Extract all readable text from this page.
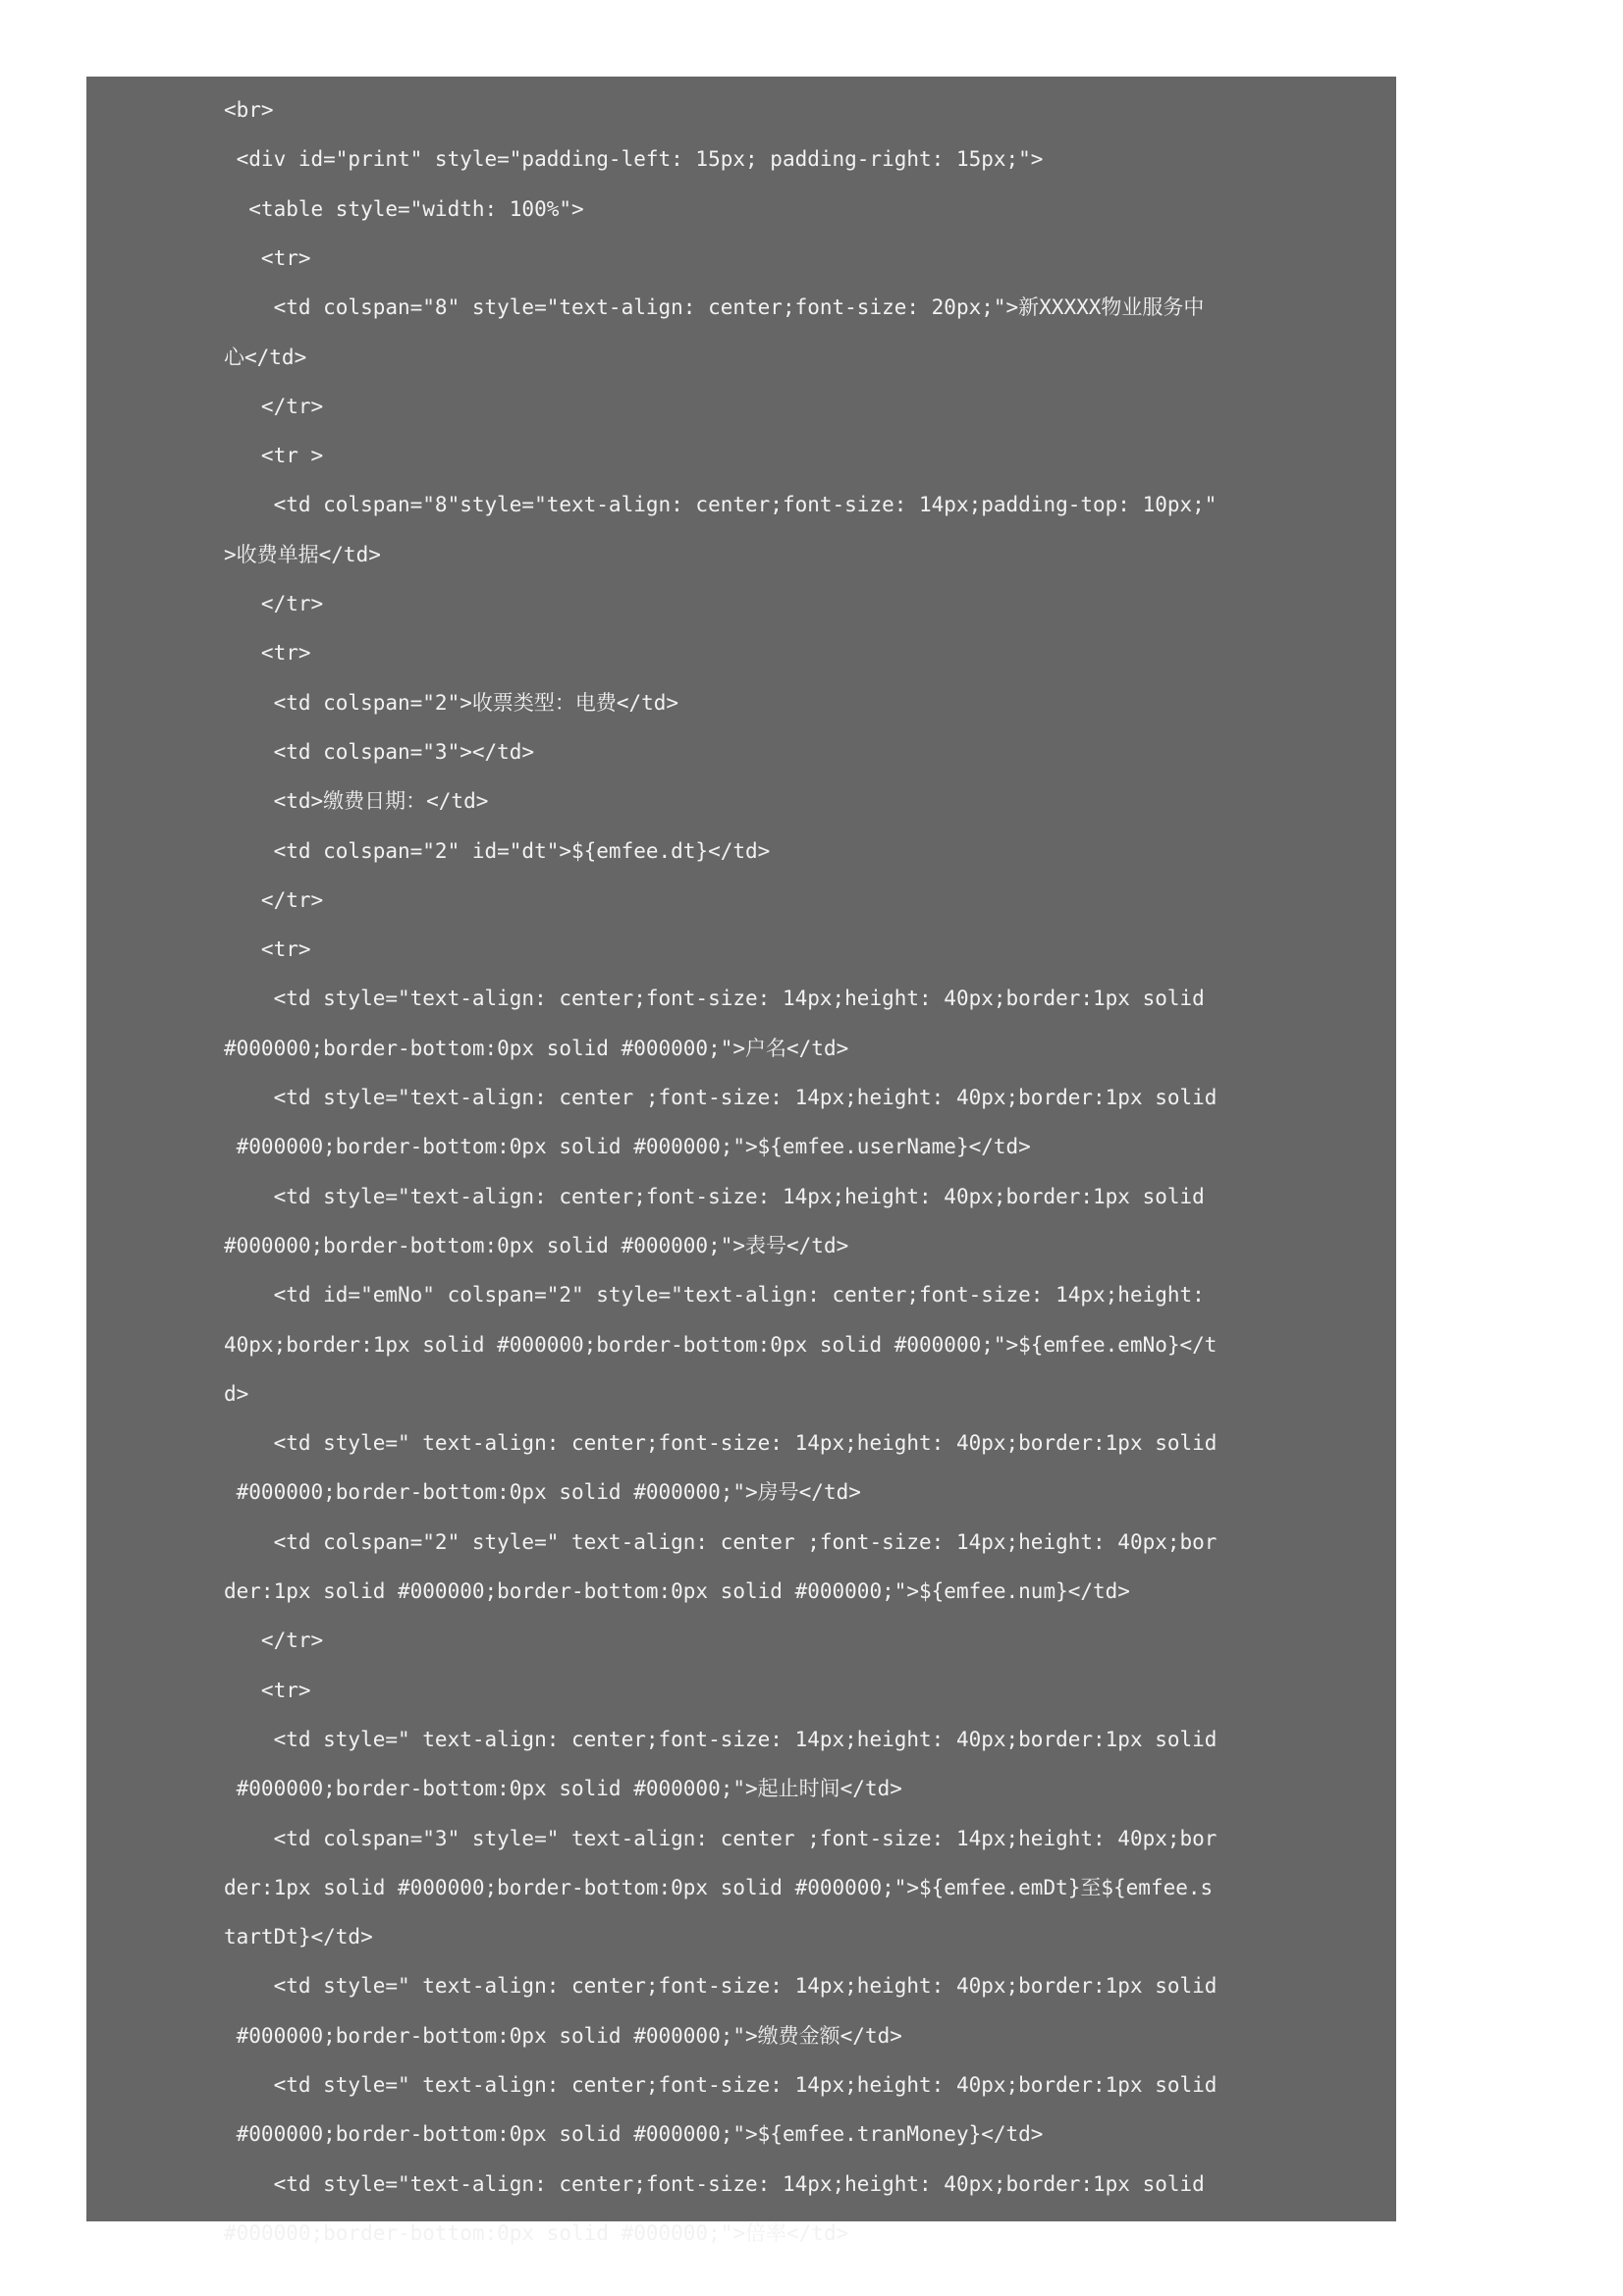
<br>
<div id="print" style="padding-left: 15px; padding-right: 15px;">
<table style="width: 100%">
<tr>
<td colspan="8" style="text-align: center;font-size: 20px;">新XXXXX物业服务中
心</td>
</tr>
<tr >
<td colspan="8"style="text-align: center;font-size: 14px;padding-top: 10px;"
>收费单据</td>
</tr>
<tr>
<td colspan="2">收票类型：电费</td>
<td colspan="3"></td>
<td>缴费日期：</td>
<td colspan="2" id="dt">${emfee.dt}</td>
</tr>
<tr>
<td style="text-align: center;font-size: 14px;height: 40px;border:1px solid
#000000;border-bottom:0px solid #000000;">户名</td>
<td style="text-align: center ;font-size: 14px;height: 40px;border:1px solid
#000000;border-bottom:0px solid #000000;">${emfee.userName}</td>
<td style="text-align: center;font-size: 14px;height: 40px;border:1px solid
#000000;border-bottom:0px solid #000000;">表号</td>
<td id="emNo" colspan="2" style="text-align: center;font-size: 14px;height:
40px;border:1px solid #000000;border-bottom:0px solid #000000;">${emfee.emNo}</t
d>
<td style=" text-align: center;font-size: 14px;height: 40px;border:1px solid
#000000;border-bottom:0px solid #000000;">房号</td>
<td colspan="2" style=" text-align: center ;font-size: 14px;height: 40px;bor
der:1px solid #000000;border-bottom:0px solid #000000;">${emfee.num}</td>
</tr>
<tr>
<td style=" text-align: center;font-size: 14px;height: 40px;border:1px solid
#000000;border-bottom:0px solid #000000;">起止时间</td>
<td colspan="3" style=" text-align: center ;font-size: 14px;height: 40px;bor
der:1px solid #000000;border-bottom:0px solid #000000;">${emfee.emDt}至${emfee.s
tartDt}</td>
<td style=" text-align: center;font-size: 14px;height: 40px;border:1px solid
#000000;border-bottom:0px solid #000000;">缴费金额</td>
<td style=" text-align: center;font-size: 14px;height: 40px;border:1px solid
#000000;border-bottom:0px solid #000000;">${emfee.tranMoney}</td>
<td style="text-align: center;font-size: 14px;height: 40px;border:1px solid
#000000;border-bottom:0px solid #000000;">倍率</td>
